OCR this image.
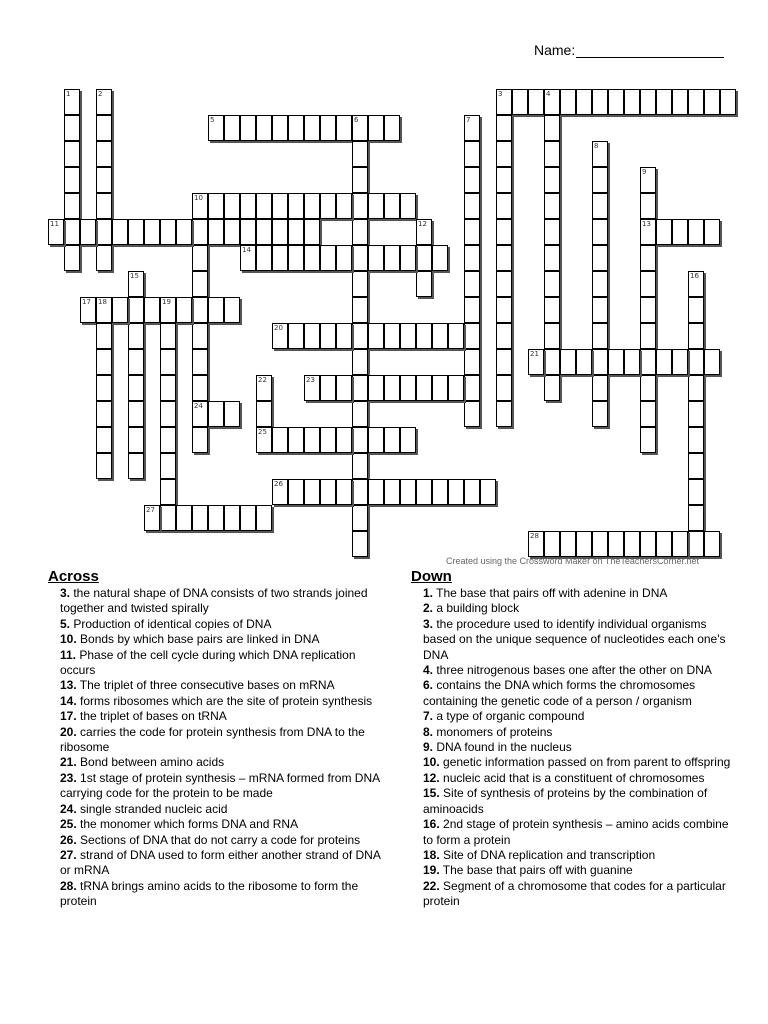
Name:
1	2	3	4
5	6	7
8
9
13
10
24
11	12
14
15	16
17 18	19
20
21
22
25
23
26
27
28
Created using the Crossword Maker on TheTeachersCorner.net
Across
3. the natural shape of DNA consists of two strands joined together and twisted spirally
5. Production of identical copies of DNA
10. Bonds by which base pairs are linked in DNA
11. Phase of the cell cycle during which DNA replication occurs
13. The triplet of three consecutive bases on mRNA
14. forms ribosomes which are the site of protein synthesis
17. the triplet of bases on tRNA
20. carries the code for protein synthesis from DNA to the ribosome
21. Bond between amino acids
23. 1st stage of protein synthesis – mRNA formed from DNA carrying code for the protein to be made
24. single stranded nucleic acid
25. the monomer which forms DNA and RNA
26. Sections of DNA that do not carry a code for proteins
27. strand of DNA used to form either another strand of DNA or mRNA
28. tRNA brings amino acids to the ribosome to form the protein
Down
1. The base that pairs off with adenine in DNA
2. a building block
3. the procedure used to identify individual organisms based on the unique sequence of nucleotides each one's DNA
4. three nitrogenous bases one after the other on DNA
6. contains the DNA which forms the chromosomes containing the genetic code of a person / organism
7. a type of organic compound
8. monomers of proteins
9. DNA found in the nucleus
10. genetic information passed on from parent to offspring
12. nucleic acid that is a constituent of chromosomes
15. Site of synthesis of proteins by the combination of aminoacids
16. 2nd stage of protein synthesis – amino acids combine to form a protein
18. Site of DNA replication and transcription
19. The base that pairs off with guanine
22. Segment of a chromosome that codes for a particular protein
